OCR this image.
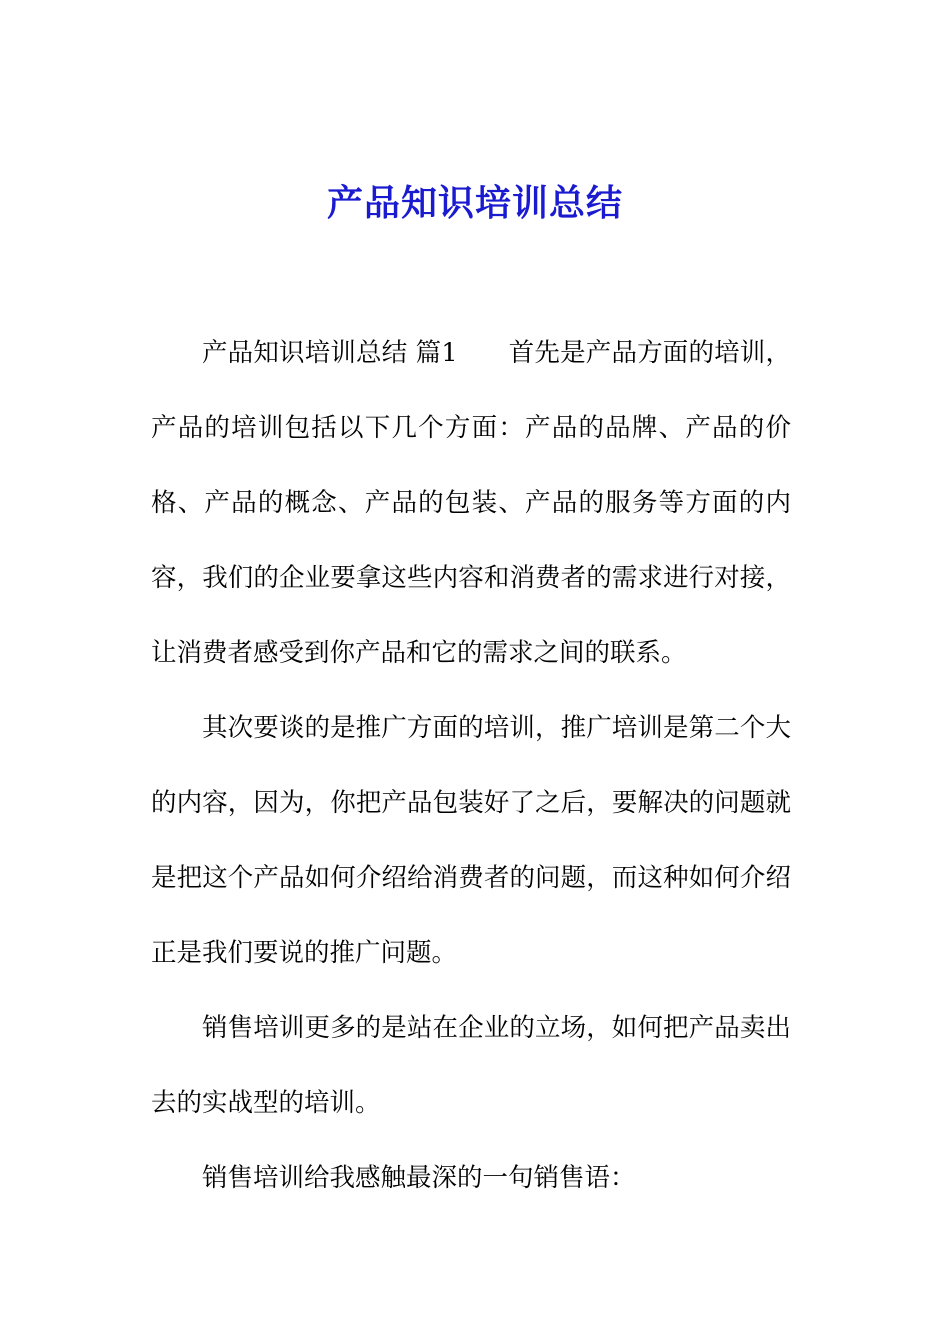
产品知识培训总结

产品知识培训总结 篇1 首先是产品方面的培训，产品的培训包括以下几个方面：产品的品牌、产品的价格、产品的概念、产品的包装、产品的服务等方面的内容，我们的企业要拿这些内容和消费者的需求进行对接，让消费者感受到你产品和它的需求之间的联系。

其次要谈的是推广方面的培训，推广培训是第二个大的内容，因为，你把产品包装好了之后，要解决的问题就是把这个产品如何介绍给消费者的问题，而这种如何介绍正是我们要说的推广问题。

销售培训更多的是站在企业的立场，如何把产品卖出去的实战型的培训。

销售培训给我感触最深的一句销售语：
